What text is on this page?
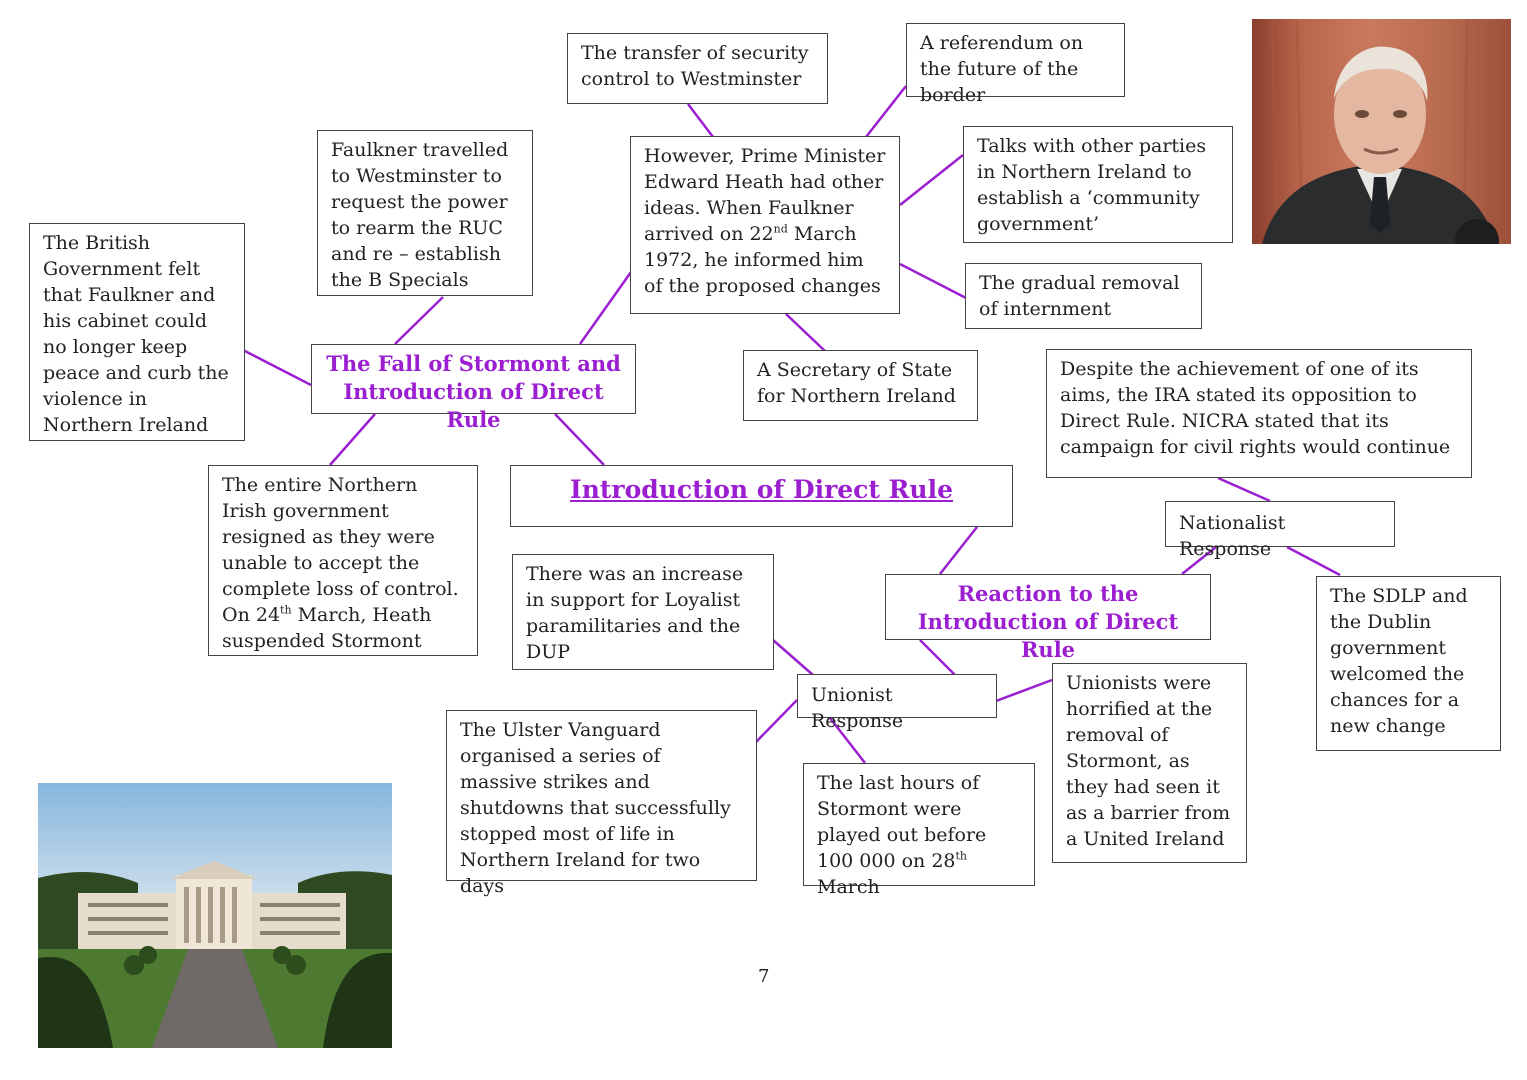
The British Government felt that Faulkner and his cabinet could no longer keep peace and curb the violence in Northern Ireland
Faulkner travelled to Westminster to request the power to rearm the RUC and re – establish the B Specials
The transfer of security control to Westminster
A referendum on the future of the border
However, Prime Minister Edward Heath had other ideas. When Faulkner arrived on 22nd March 1972, he informed him of the proposed changes
Talks with other parties in Northern Ireland to establish a ‘community government’
The gradual removal of internment
A Secretary of State for Northern Ireland
The Fall of Stormont and Introduction of Direct Rule
Despite the achievement of one of its aims, the IRA stated its opposition to Direct Rule. NICRA stated that its campaign for civil rights would continue
The entire Northern Irish government resigned as they were unable to accept the complete loss of control. On 24th March, Heath suspended Stormont
Introduction of Direct Rule
Nationalist Response
There was an increase in support for Loyalist paramilitaries and the DUP
Reaction to the Introduction of Direct Rule
The SDLP and the Dublin government welcomed the chances for a new change
Unionist Response
Unionists were horrified at the removal of Stormont, as they had seen it as a barrier from a United Ireland
The Ulster Vanguard organised a series of massive strikes and shutdowns that successfully stopped most of life in Northern Ireland for two days
The last hours of Stormont were played out before 100 000 on 28th March
7
